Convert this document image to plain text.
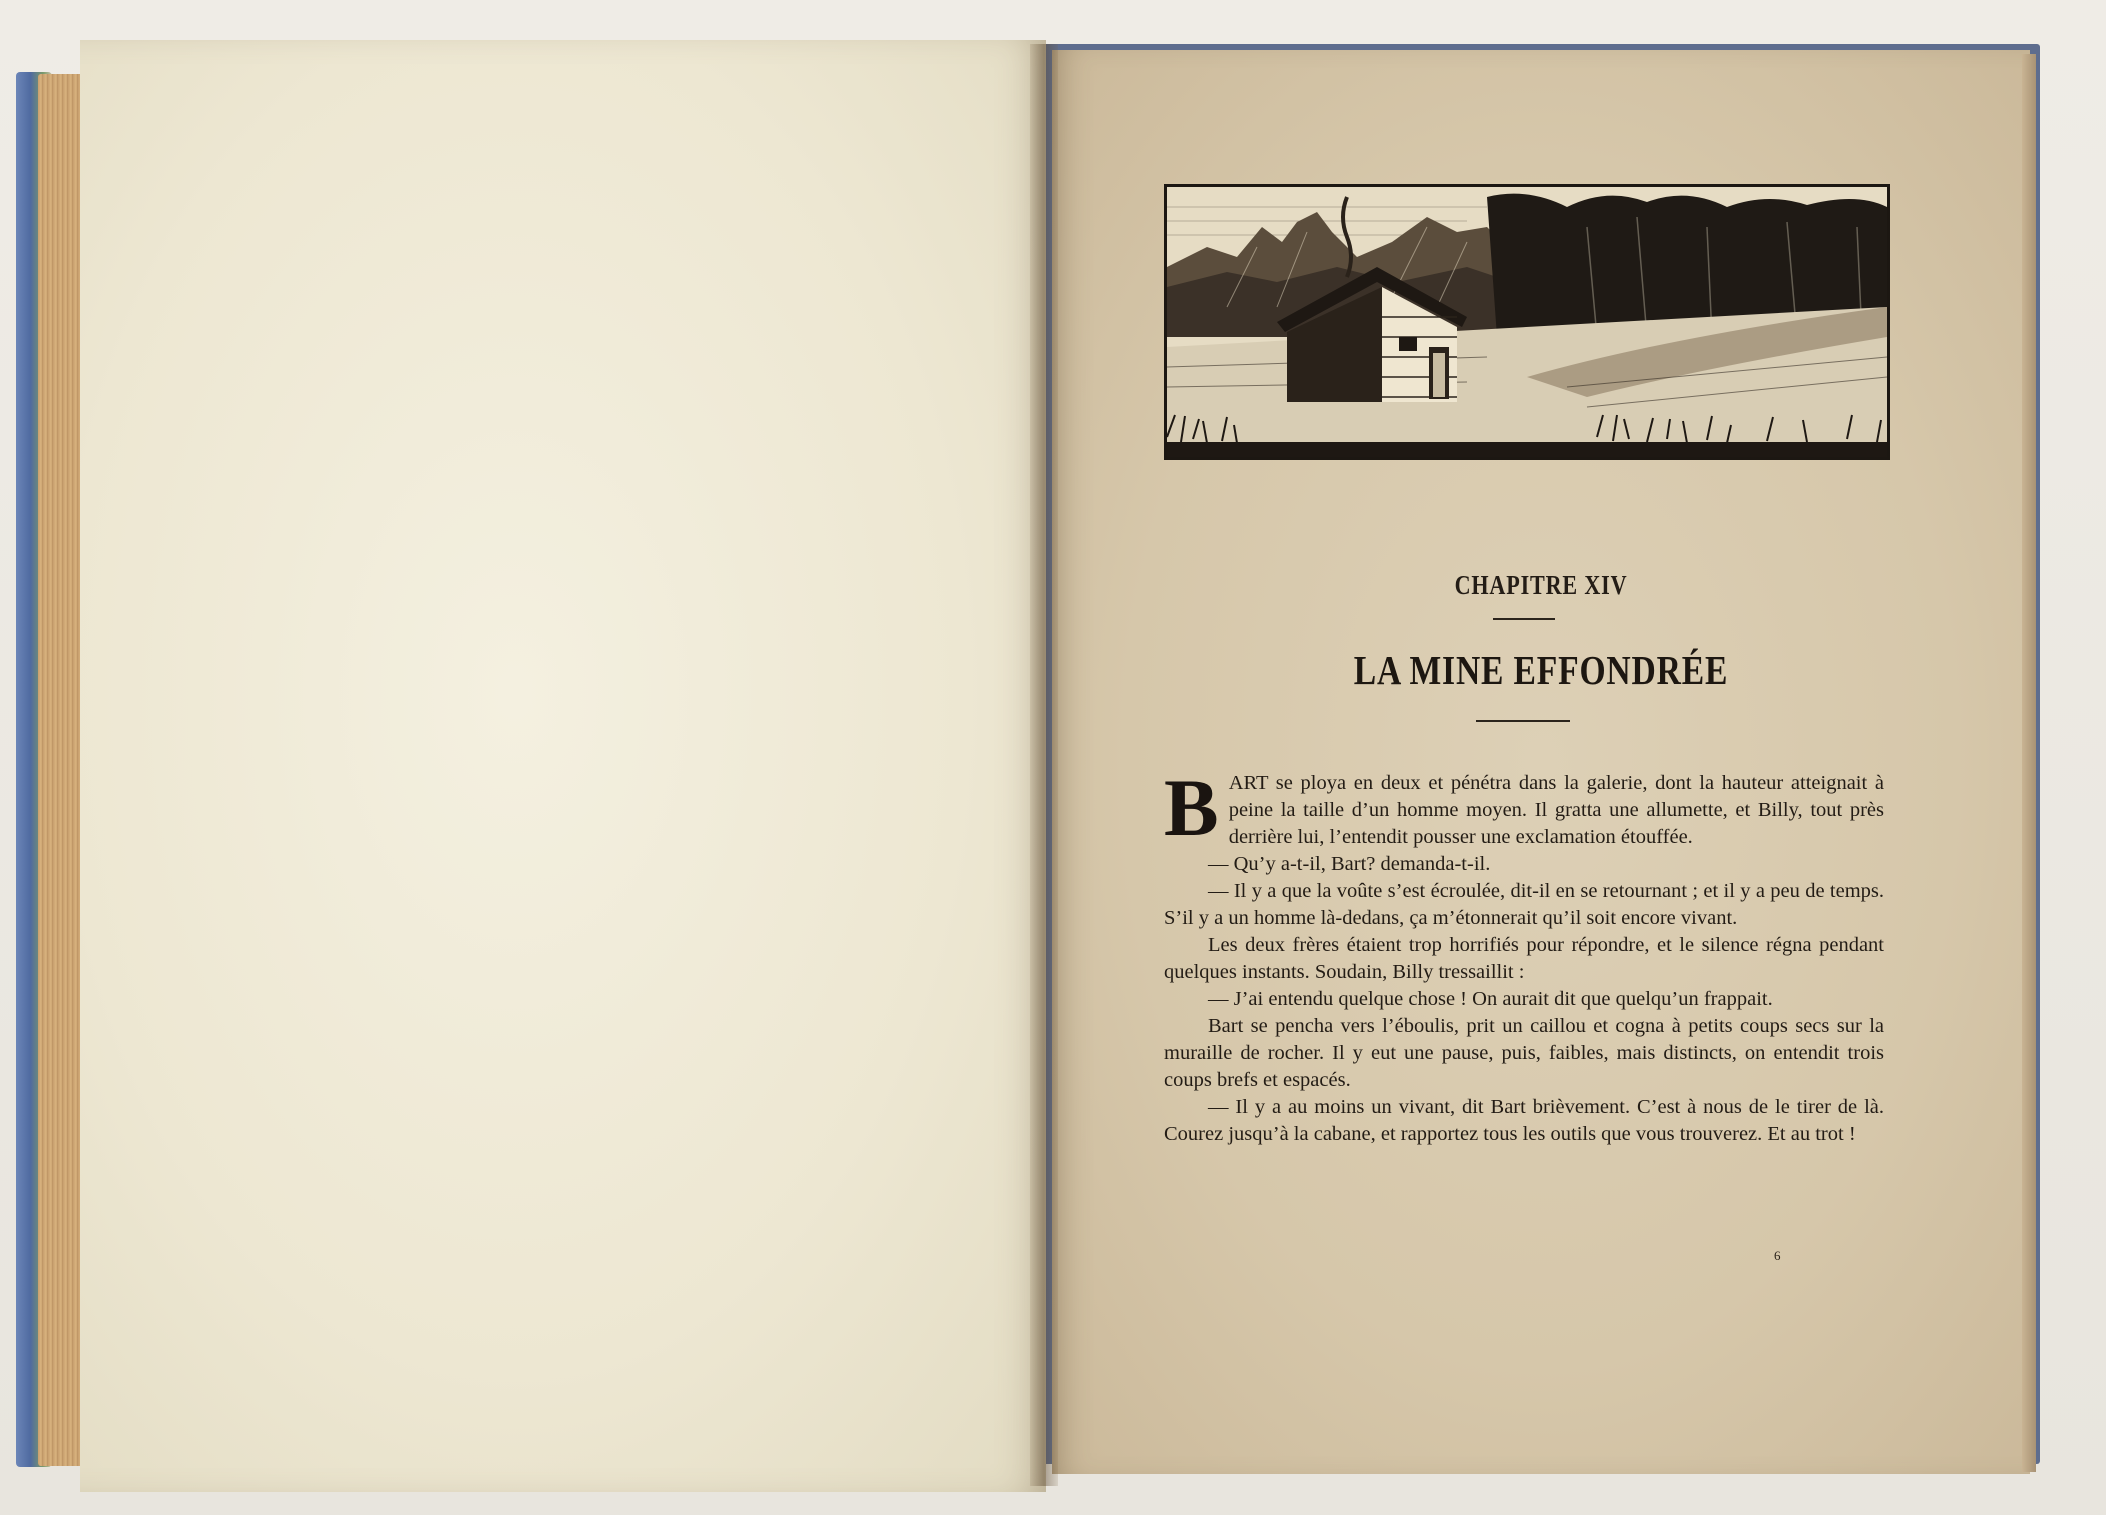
CHAPITRE XIV
LA MINE EFFONDRÉE

BART se ploya en deux et pénétra dans la galerie, dont la hauteur atteignait à peine la taille d’un homme moyen. Il gratta une allumette, et Billy, tout près derrière lui, l’entendit pousser une exclamation étouffée.

— Qu’y a-t-il, Bart? demanda-t-il.

— Il y a que la voûte s’est écroulée, dit-il en se retournant ; et il y a peu de temps. S’il y a un homme là-dedans, ça m’étonnerait qu’il soit encore vivant.

Les deux frères étaient trop horrifiés pour répondre, et le silence régna pendant quelques instants. Soudain, Billy tressaillit :

— J’ai entendu quelque chose ! On aurait dit que quelqu’un frappait.

Bart se pencha vers l’éboulis, prit un caillou et cogna à petits coups secs sur la muraille de rocher. Il y eut une pause, puis, faibles, mais distincts, on entendit trois coups brefs et espacés.

— Il y a au moins un vivant, dit Bart brièvement. C’est à nous de le tirer de là. Courez jusqu’à la cabane, et rapportez tous les outils que vous trouverez. Et au trot !

6
